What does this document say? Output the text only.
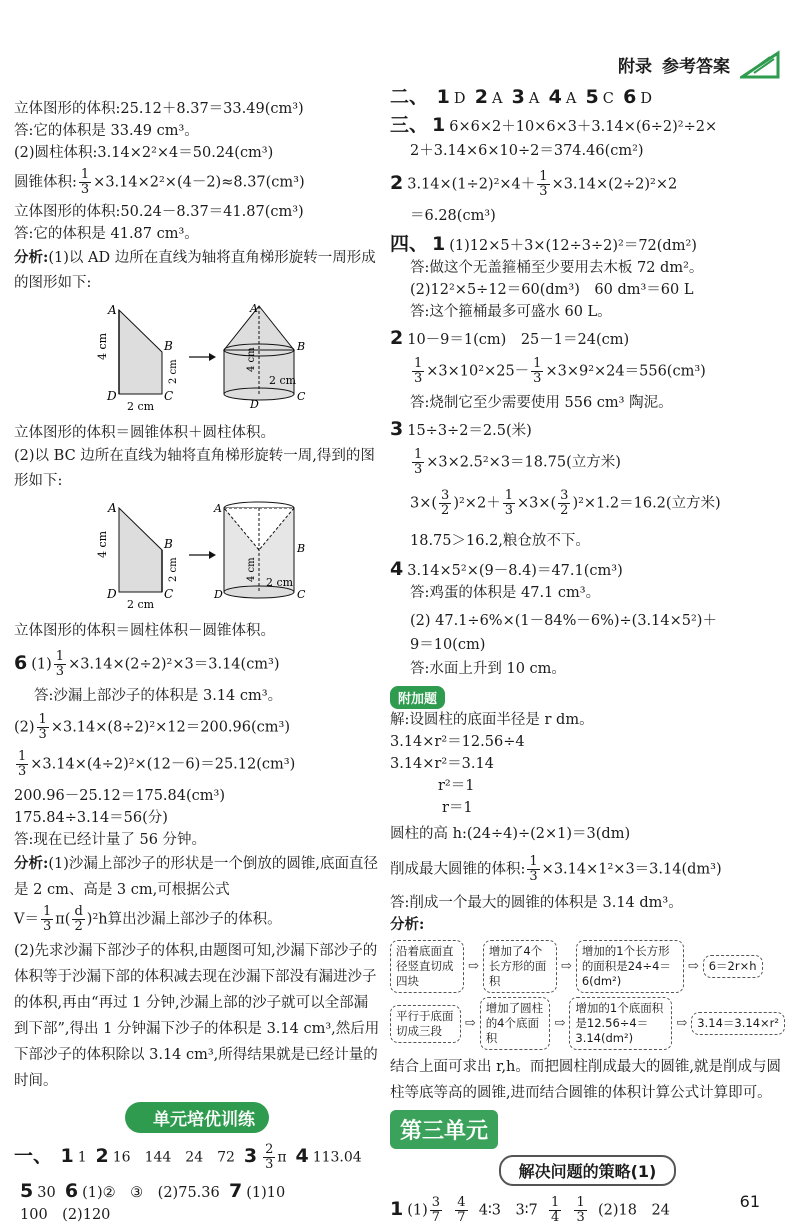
附录 参考答案
立体图形的体积:25.12＋8.37＝33.49(cm³)
答:它的体积是 33.49 cm³。
(2)圆柱体积:3.14×2²×4＝50.24(cm³)
圆锥体积: $\frac{1}{3} \times 3.14\times 2^2\times(4-2)\approx 8.37(cm^3)$
立体图形的体积:50.24－8.37＝41.87(cm³)
答:它的体积是 41.87 cm³。
分析:(1)以 AD 边所在直线为轴将直角梯形旋转一周形成的图形如下:
A
B
C
D
4 cm
2 cm
2 cm
2 cm
4 cm
A
B
C
D
立体图形的体积＝圆锥体积＋圆柱体积。
(2)以 BC 边所在直线为轴将直角梯形旋转一周,得到的图形如下:
A
B
C
D
4 cm
2 cm
2 cm
2 cm
4 cm
A
B
C
D
立体图形的体积＝圆柱体积－圆锥体积。
6 $(1) \frac{1}{3} \times 3.14\times(2\div 2)^2\times 3=3.14(cm^3)$
答:沙漏上部沙子的体积是 3.14 cm³。
$(2) \frac{1}{3} \times 3.14\times(8\div 2)^2\times 12=200.96(cm^3)$
$\frac{1}{3} \times 3.14\times(4\div 2)^2\times(12-6)=25.12(cm^3)$
200.96－25.12＝175.84(cm³)
175.84÷3.14＝56(分)
答:现在已经计量了 56 分钟。
分析:(1)沙漏上部沙子的形状是一个倒放的圆锥,底面直径是 2 cm、高是 3 cm,可根据公式
$V= \frac{1}{3} \pi( \frac{d}{2} )^2h$算出沙漏上部沙子的体积。
(2)先求沙漏下部沙子的体积,由题图可知,沙漏下部沙子的体积等于沙漏下部的体积减去现在沙漏下部没有漏进沙子的体积,再由“再过 1 分钟,沙漏上部的沙子就可以全部漏到下部”,得出 1 分钟漏下沙子的体积是 3.14 cm³,然后用下部沙子的体积除以 3.14 cm³,所得结果就是已经计量的时间。
单元培优训练
一、 1 1 2 16　144　24　72 $3 \frac{2}{3}$ π 4 113.04
5 30 6 (1)②　③　(2)75.36 7 (1)10
100　(2)120
二、 1 D 2 A 3 A 4 A 5 C 6 D
三、 1 6×6×2＋10×6×3＋3.14×(6÷2)²÷2×
2＋3.14×6×10÷2＝374.46(cm²)
2 $3.14\times(1\div 2)^2\times 4+ \frac{1}{3} \times 3.14\times(2\div 2)^2\times 2$
＝6.28(cm³)
四、 1 (1)12×5＋3×(12÷3÷2)²＝72(dm²)
答:做这个无盖箍桶至少要用去木板 72 dm²。
(2)12²×5÷12＝60(dm³)　60 dm³＝60 L
答:这个箍桶最多可盛水 60 L。
2 10－9＝1(cm)　25－1＝24(cm)
$\frac{1}{3} \times 3\times 10^2\times 25- \frac{1}{3} \times 3\times 9^2\times 24=556(cm^3)$
答:烧制它至少需要使用 556 cm³ 陶泥。
3 15÷3÷2＝2.5(米)
$\frac{1}{3} \times 3\times 2.5^2\times 3=18.75$(立方米)
$3\times( \frac{3}{2} )^2\times 2+ \frac{1}{3} \times 3\times( \frac{3}{2} )^2\times 1.2=16.2$(立方米)
18.75＞16.2,粮仓放不下。
4 3.14×5²×(9－8.4)＝47.1(cm³)
答:鸡蛋的体积是 47.1 cm³。
(2) 47.1÷6%×(1－84%－6%)÷(3.14×5²)＋
9＝10(cm)
答:水面上升到 10 cm。
附加题
解:设圆柱的底面半径是 r dm。
3.14×r²＝12.56÷4
3.14×r²＝3.14
r²＝1
r＝1
圆柱的高 h:(24÷4)÷(2×1)＝3(dm)
削成最大圆锥的体积: $\frac{1}{3} \times 3.14\times 1^2\times 3=3.14(dm^3)$
答:削成一个最大的圆锥的体积是 3.14 dm³。
分析:
沿着底面直径竖直切成四块
⇨
增加了4个长方形的面积
⇨
增加的1个长方形的面积是24÷4＝6(dm²)
⇨ 6＝2r×h
平行于底面切成三段	⇨
增加了圆柱的4个底面积
⇨
增加的1个底面积是12.56÷4＝3.14(dm²)
⇨ 3.14＝3.14×r²
结合上面可求出 r,h。而把圆柱削成最大的圆锥,就是削成与圆柱等底等高的圆锥,进而结合圆锥的体积计算公式计算即可。
第三单元
解决问题的策略(1)
1 $(1) \frac{3}{7}$
$\frac{4}{7}$ 4∶3　3∶7 $\frac{1}{4}$
$\frac{1}{3} (2)18$　24	61
